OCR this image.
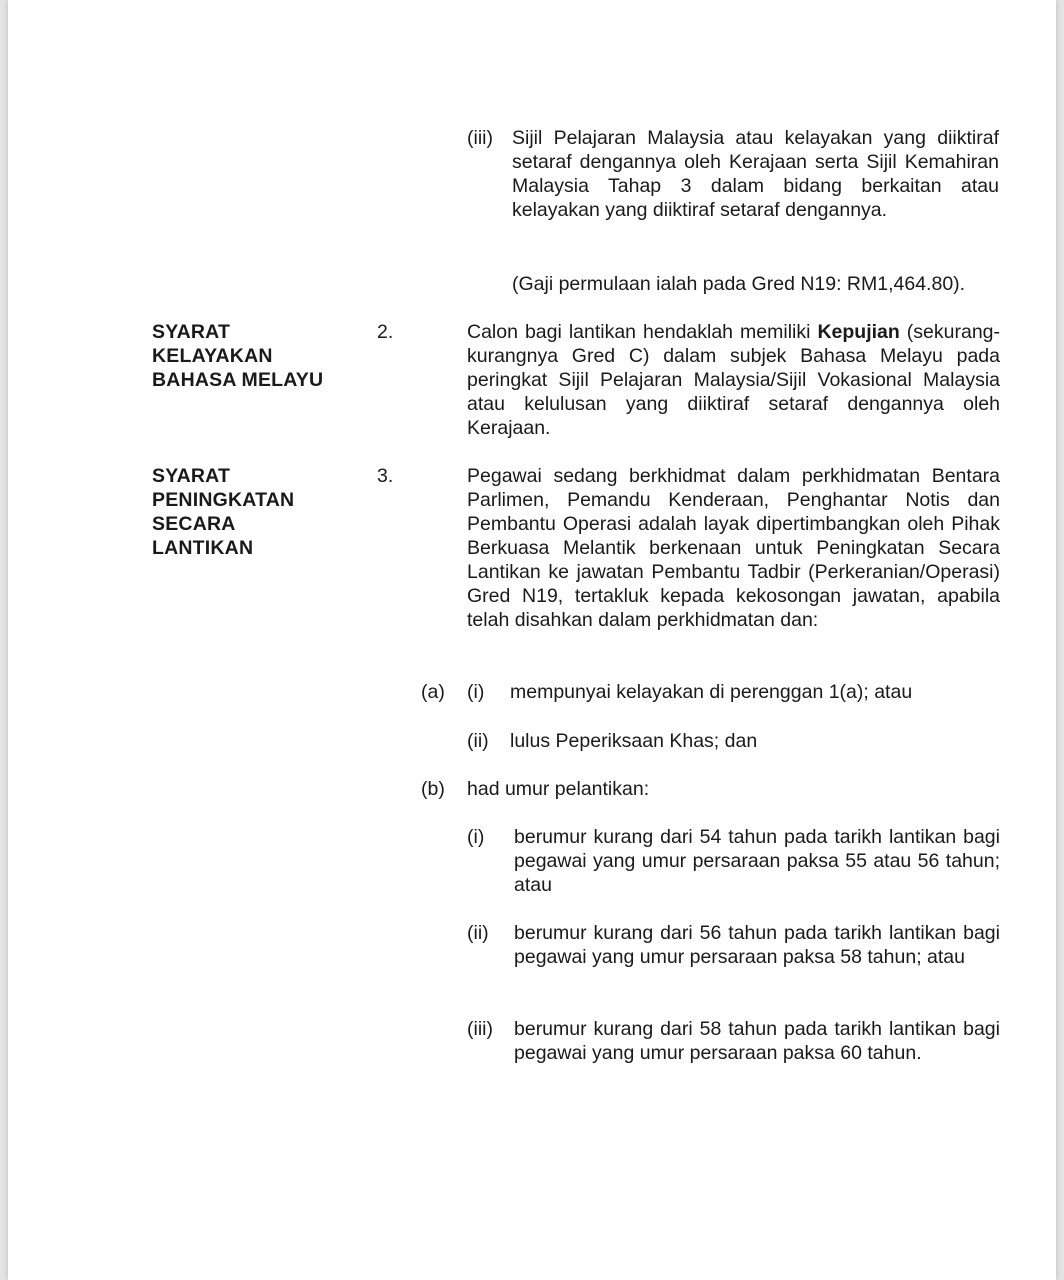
(iii) Sijil Pelajaran Malaysia atau kelayakan yang diiktiraf setaraf dengannya oleh Kerajaan serta Sijil Kemahiran Malaysia Tahap 3 dalam bidang berkaitan atau kelayakan yang diiktiraf setaraf dengannya.

(Gaji permulaan ialah pada Gred N19: RM1,464.80).

SYARAT
KELAYAKAN
BAHASA MELAYU
2.	Calon bagi lantikan hendaklah memiliki Kepujian (sekurang-kurangnya Gred C) dalam subjek Bahasa Melayu pada peringkat Sijil Pelajaran Malaysia/Sijil Vokasional Malaysia atau kelulusan yang diiktiraf setaraf dengannya oleh Kerajaan.

SYARAT
PENINGKATAN
SECARA
LANTIKAN
3.	Pegawai sedang berkhidmat dalam perkhidmatan Bentara Parlimen, Pemandu Kenderaan, Penghantar Notis dan Pembantu Operasi adalah layak dipertimbangkan oleh Pihak Berkuasa Melantik berkenaan untuk Peningkatan Secara Lantikan ke jawatan Pembantu Tadbir (Perkeranian/Operasi) Gred N19, tertakluk kepada kekosongan jawatan, apabila telah disahkan dalam perkhidmatan dan:

(a) (i) mempunyai kelayakan di perenggan 1(a); atau

(ii) lulus Peperiksaan Khas; dan

(b) had umur pelantikan:

(i) berumur kurang dari 54 tahun pada tarikh lantikan bagi pegawai yang umur persaraan paksa 55 atau 56 tahun; atau

(ii) berumur kurang dari 56 tahun pada tarikh lantikan bagi pegawai yang umur persaraan paksa 58 tahun; atau

(iii) berumur kurang dari 58 tahun pada tarikh lantikan bagi pegawai yang umur persaraan paksa 60 tahun.
